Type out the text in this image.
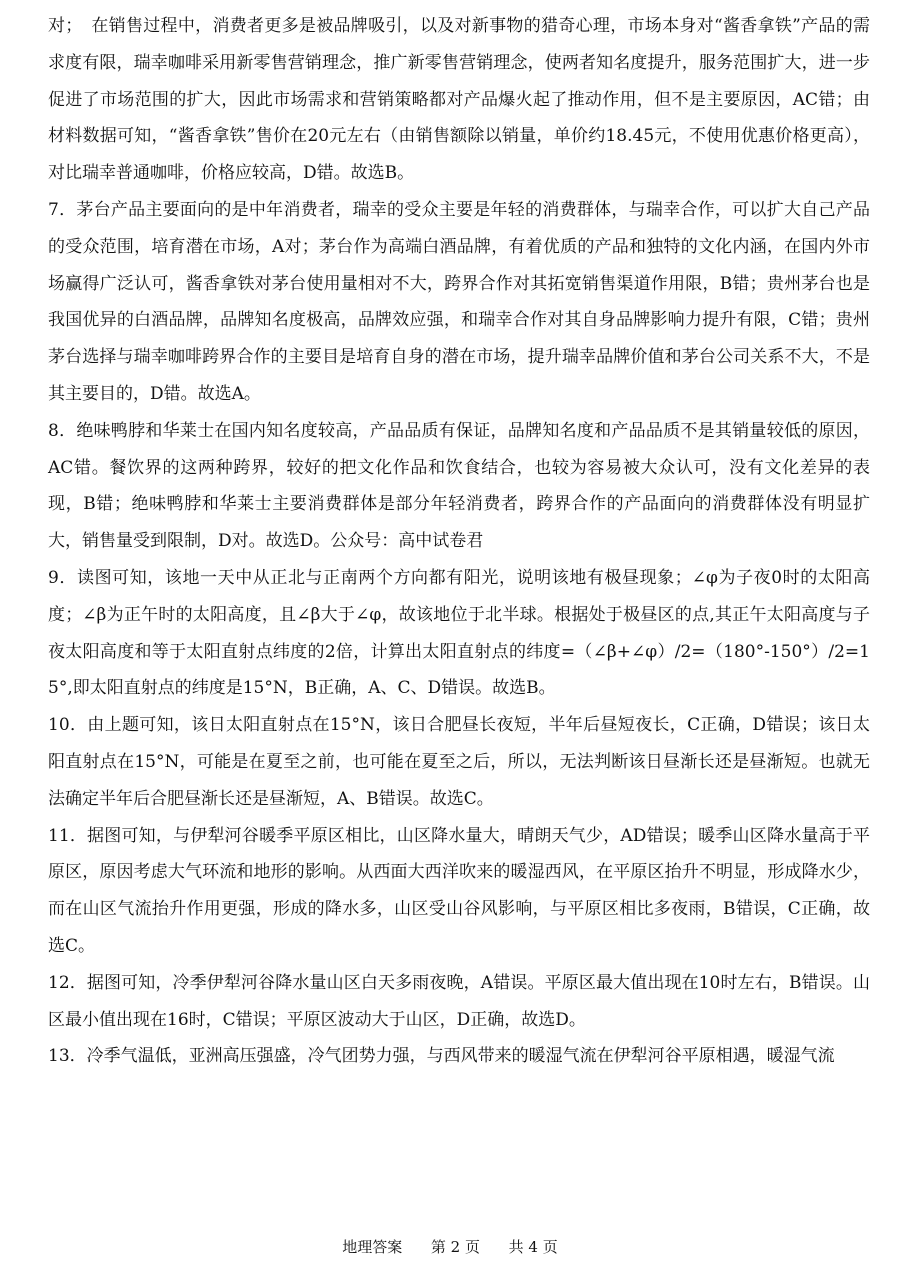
对；　在销售过程中，消费者更多是被品牌吸引，以及对新事物的猎奇心理，市场本身对“酱香拿铁”产品的需求度有限，瑞幸咖啡采用新零售营销理念，推广新零售营销理念，使两者知名度提升，服务范围扩大，进一步促进了市场范围的扩大，因此市场需求和营销策略都对产品爆火起了推动作用，但不是主要原因，AC错；由材料数据可知，“酱香拿铁”售价在20元左右（由销售额除以销量，单价约18.45元，不使用优惠价格更高），对比瑞幸普通咖啡，价格应较高，D错。故选B。

7．茅台产品主要面向的是中年消费者，瑞幸的受众主要是年轻的消费群体，与瑞幸合作，可以扩大自己产品的受众范围，培育潜在市场，A对；茅台作为高端白酒品牌，有着优质的产品和独特的文化内涵，在国内外市场赢得广泛认可，酱香拿铁对茅台使用量相对不大，跨界合作对其拓宽销售渠道作用限，B错；贵州茅台也是我国优异的白酒品牌，品牌知名度极高，品牌效应强，和瑞幸合作对其自身品牌影响力提升有限，C错；贵州茅台选择与瑞幸咖啡跨界合作的主要目是培育自身的潜在市场，提升瑞幸品牌价值和茅台公司关系不大，不是其主要目的，D错。故选A。

8．绝味鸭脖和华莱士在国内知名度较高，产品品质有保证，品牌知名度和产品品质不是其销量较低的原因，AC错。餐饮界的这两种跨界，较好的把文化作品和饮食结合，也较为容易被大众认可，没有文化差异的表现，B错；绝味鸭脖和华莱士主要消费群体是部分年轻消费者，跨界合作的产品面向的消费群体没有明显扩大，销售量受到限制，D对。故选D。公众号：高中试卷君

9．读图可知，该地一天中从正北与正南两个方向都有阳光，说明该地有极昼现象；∠φ为子夜0时的太阳高度；∠β为正午时的太阳高度，且∠β大于∠φ，故该地位于北半球。根据处于极昼区的点,其正午太阳高度与子夜太阳高度和等于太阳直射点纬度的2倍，计算出太阳直射点的纬度=（∠β+∠φ）/2=（180°-150°）/2=15°,即太阳直射点的纬度是15°N，B正确，A、C、D错误。故选B。

10．由上题可知，该日太阳直射点在15°N，该日合肥昼长夜短，半年后昼短夜长，C正确，D错误；该日太阳直射点在15°N，可能是在夏至之前，也可能在夏至之后，所以，无法判断该日昼渐长还是昼渐短。也就无法确定半年后合肥昼渐长还是昼渐短，A、B错误。故选C。

11．据图可知，与伊犁河谷暖季平原区相比，山区降水量大，晴朗天气少，AD错误；暖季山区降水量高于平原区，原因考虑大气环流和地形的影响。从西面大西洋吹来的暖湿西风，在平原区抬升不明显，形成降水少，而在山区气流抬升作用更强，形成的降水多，山区受山谷风影响，与平原区相比多夜雨，B错误，C正确，故选C。

12．据图可知，冷季伊犁河谷降水量山区白天多雨夜晚，A错误。平原区最大值出现在10时左右，B错误。山区最小值出现在16时，C错误；平原区波动大于山区，D正确，故选D。

13．冷季气温低，亚洲高压强盛，冷气团势力强，与西风带来的暖湿气流在伊犁河谷平原相遇，暖湿气流

地理答案 第 2 页 共 4 页
